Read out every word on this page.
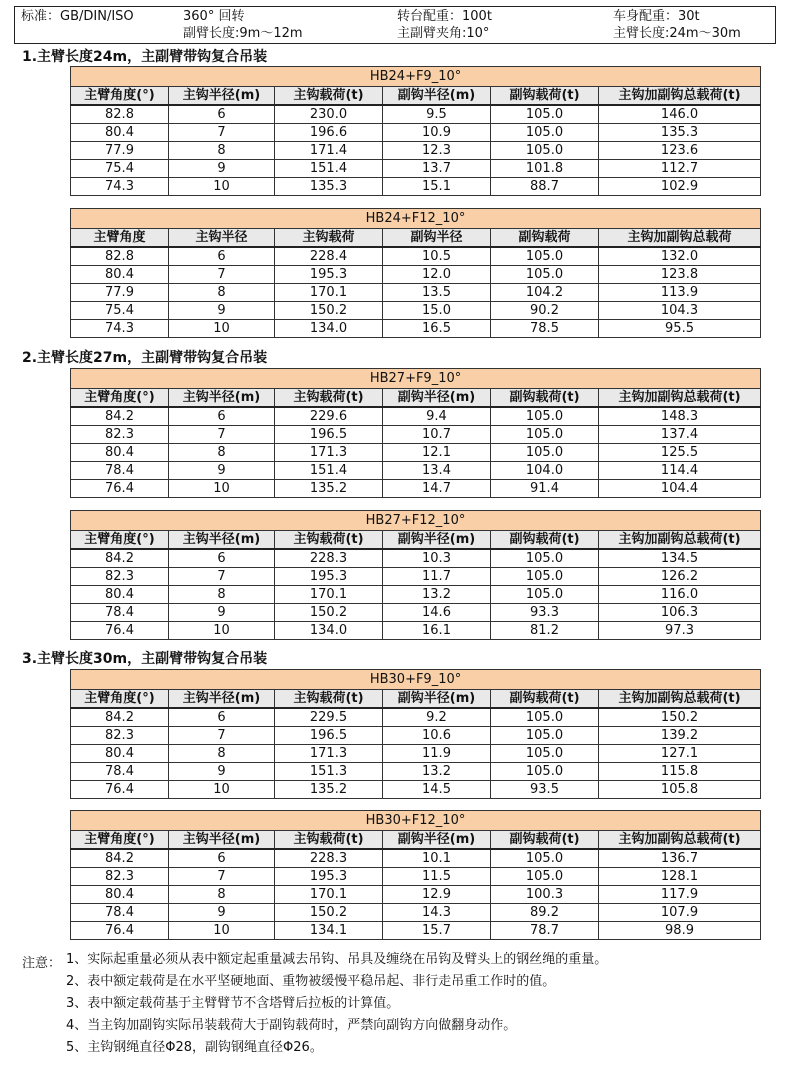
标准：GB/DIN/ISO	360° 回转	转台配重：100t	车身配重：30t
副臂长度:9m～12m	主副臂夹角:10°	主臂长度:24m～30m
1.主臂长度24m，主副臂带钩复合吊装
HB24+F9_10°					
主臂角度(°)	主钩半径(m)	主钩载荷(t)	副钩半径(m)	副钩载荷(t)	主钩加副钩总载荷(t)
82.8	6	230.0	9.5	105.0	146.0
80.4	7	196.6	10.9	105.0	135.3
77.9	8	171.4	12.3	105.0	123.6
75.4	9	151.4	13.7	101.8	112.7
74.3	10	135.3	15.1	88.7	102.9
HB24+F12_10°					
主臂角度	主钩半径	主钩载荷	副钩半径	副钩载荷	主钩加副钩总载荷
82.8	6	228.4	10.5	105.0	132.0
80.4	7	195.3	12.0	105.0	123.8
77.9	8	170.1	13.5	104.2	113.9
75.4	9	150.2	15.0	90.2	104.3
74.3	10	134.0	16.5	78.5	95.5
2.主臂长度27m，主副臂带钩复合吊装
HB27+F9_10°					
主臂角度(°)	主钩半径(m)	主钩载荷(t)	副钩半径(m)	副钩载荷(t)	主钩加副钩总载荷(t)
84.2	6	229.6	9.4	105.0	148.3
82.3	7	196.5	10.7	105.0	137.4
80.4	8	171.3	12.1	105.0	125.5
78.4	9	151.4	13.4	104.0	114.4
76.4	10	135.2	14.7	91.4	104.4
HB27+F12_10°					
主臂角度(°)	主钩半径(m)	主钩载荷(t)	副钩半径(m)	副钩载荷(t)	主钩加副钩总载荷(t)
84.2	6	228.3	10.3	105.0	134.5
82.3	7	195.3	11.7	105.0	126.2
80.4	8	170.1	13.2	105.0	116.0
78.4	9	150.2	14.6	93.3	106.3
76.4	10	134.0	16.1	81.2	97.3
3.主臂长度30m，主副臂带钩复合吊装
HB30+F9_10°					
主臂角度(°)	主钩半径(m)	主钩载荷(t)	副钩半径(m)	副钩载荷(t)	主钩加副钩总载荷(t)
84.2	6	229.5	9.2	105.0	150.2
82.3	7	196.5	10.6	105.0	139.2
80.4	8	171.3	11.9	105.0	127.1
78.4	9	151.3	13.2	105.0	115.8
76.4	10	135.2	14.5	93.5	105.8
HB30+F12_10°					
主臂角度(°)	主钩半径(m)	主钩载荷(t)	副钩半径(m)	副钩载荷(t)	主钩加副钩总载荷(t)
84.2	6	228.3	10.1	105.0	136.7
82.3	7	195.3	11.5	105.0	128.1
80.4	8	170.1	12.9	100.3	117.9
78.4	9	150.2	14.3	89.2	107.9
76.4	10	134.1	15.7	78.7	98.9
注意： 1、实际起重量必须从表中额定起重量减去吊钩、吊具及缠绕在吊钩及臂头上的钢丝绳的重量。
2、表中额定载荷是在水平坚硬地面、重物被缓慢平稳吊起、非行走吊重工作时的值。
3、表中额定载荷基于主臂臂节不含塔臂后拉板的计算值。
4、当主钩加副钩实际吊装载荷大于副钩载荷时，严禁向副钩方向做翻身动作。
5、主钩钢绳直径Φ28，副钩钢绳直径Φ26。
